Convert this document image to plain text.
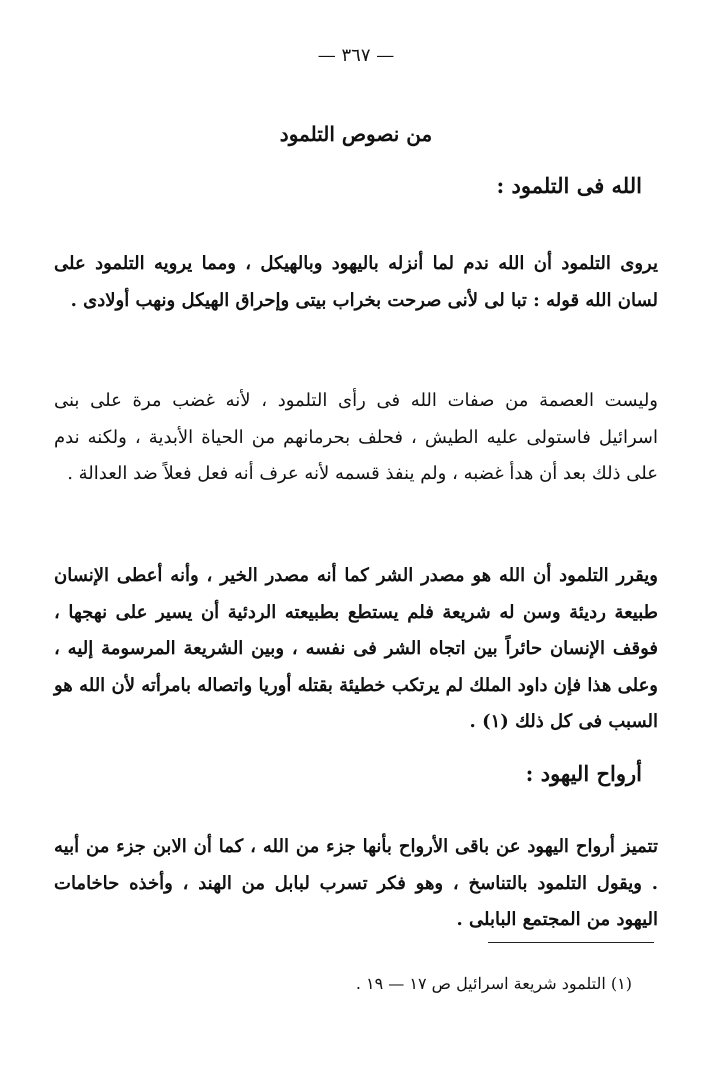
— ٣٦٧ —
من نصوص التلمود
الله فى التلمود :

يروى التلمود أن الله ندم لما أنزله باليهود وبالهيكل ، ومما يرويه التلمود على لسان الله قوله : تبا لى لأنى صرحت بخراب بيتى وإحراق الهيكل ونهب أولادى .

وليست العصمة من صفات الله فى رأى التلمود ، لأنه غضب مرة على بنى اسرائيل فاستولى عليه الطيش ، فحلف بحرمانهم من الحياة الأبدية ، ولكنه ندم على ذلك بعد أن هدأ غضبه ، ولم ينفذ قسمه لأنه عرف أنه فعل فعلاً ضد العدالة .

ويقرر التلمود أن الله هو مصدر الشر كما أنه مصدر الخير ، وأنه أعطى الإنسان طبيعة رديئة وسن له شريعة فلم يستطع بطبيعته الردئية أن يسير على نهجها ، فوقف الإنسان حائراً بين اتجاه الشر فى نفسه ، وبين الشريعة المرسومة إليه ، وعلى هذا فإن داود الملك لم يرتكب خطيئة بقتله أوريا واتصاله بامرأته لأن الله هو السبب فى كل ذلك (١) .

أرواح اليهود :

تتميز أرواح اليهود عن باقى الأرواح بأنها جزء من الله ، كما أن الابن جزء من أبيه . ويقول التلمود بالتناسخ ، وهو فكر تسرب لبابل من الهند ، وأخذه حاخامات اليهود من المجتمع البابلى .

(١) التلمود شريعة اسرائيل ص ١٧ — ١٩ .
